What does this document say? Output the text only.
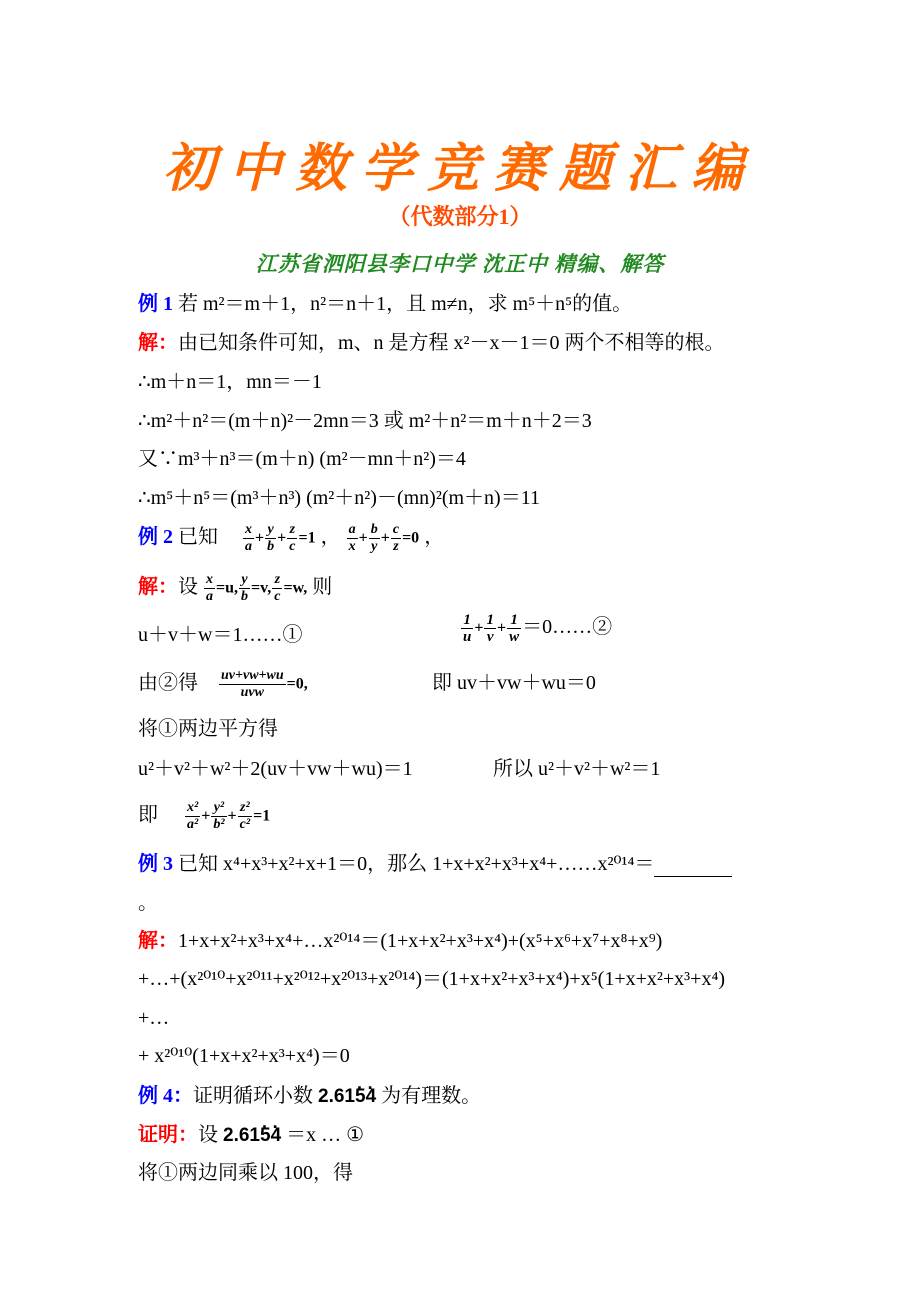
初中数学竞赛题汇编
（代数部分1）
江苏省泗阳县李口中学 沈正中 精编、解答
例 1 若 m²＝m＋1，n²＝n＋1，且 m≠n，求 m⁵＋n⁵的值。
解：由已知条件可知，m、n 是方程 x²－x－1＝0 两个不相等的根。
∴m＋n＝1，mn＝－1
∴m²＋n²＝(m＋n)²－2mn＝3 或 m²＋n²＝m＋n＋2＝3
又∵m³＋n³＝(m＋n) (m²－mn＋n²)＝4
∴m⁵＋n⁵＝(m³＋n³) (m²＋n²)－(mn)²(m＋n)＝11
例 2 已知 $\frac{x}{a} + \frac{y}{b} + \frac{z}{c} =1$ ， $\frac{a}{x} + \frac{b}{y} + \frac{c}{z} =0$ ，
解：设 $\frac{x}{a} =u$, $\frac{y}{b} =v$, $\frac{z}{c} =w$, 则
u＋v＋w＝1……①	$\frac{1}{u} + \frac{1}{v} + \frac{1}{w}$ ＝0……②
由②得 $\frac{uv+vw+wu}{\text{uvw}} =0$,	即 uv＋vw＋wu＝0
将①两边平方得
u²＋v²＋w²＋2(uv＋vw＋wu)＝1	所以 u²＋v²＋w²＝1
即 $\frac{\text{x²}}{\text{a²}} + \frac{\text{y²}}{\text{b²}} + \frac{\text{z²}}{\text{c²}} =1$
例 3 已知 x⁴+x³+x²+x+1＝0，那么 1+x+x²+x³+x⁴+……x²⁰¹⁴＝
。
解：1+x+x²+x³+x⁴+…x²⁰¹⁴＝(1+x+x²+x³+x⁴)+(x⁵+x⁶+x⁷+x⁸+x⁹)
+…+(x²⁰¹⁰+x²⁰¹¹+x²⁰¹²+x²⁰¹³+x²⁰¹⁴)＝(1+x+x²+x³+x⁴)+x⁵(1+x+x²+x³+x⁴)
+…
+ x²⁰¹⁰(1+x+x²+x³+x⁴)＝0
例 4：证明循环小数 2.61. 5. 4 为有理数。
证明：设 2.61. 5. 4 ＝x … ①
将①两边同乘以 100，得
